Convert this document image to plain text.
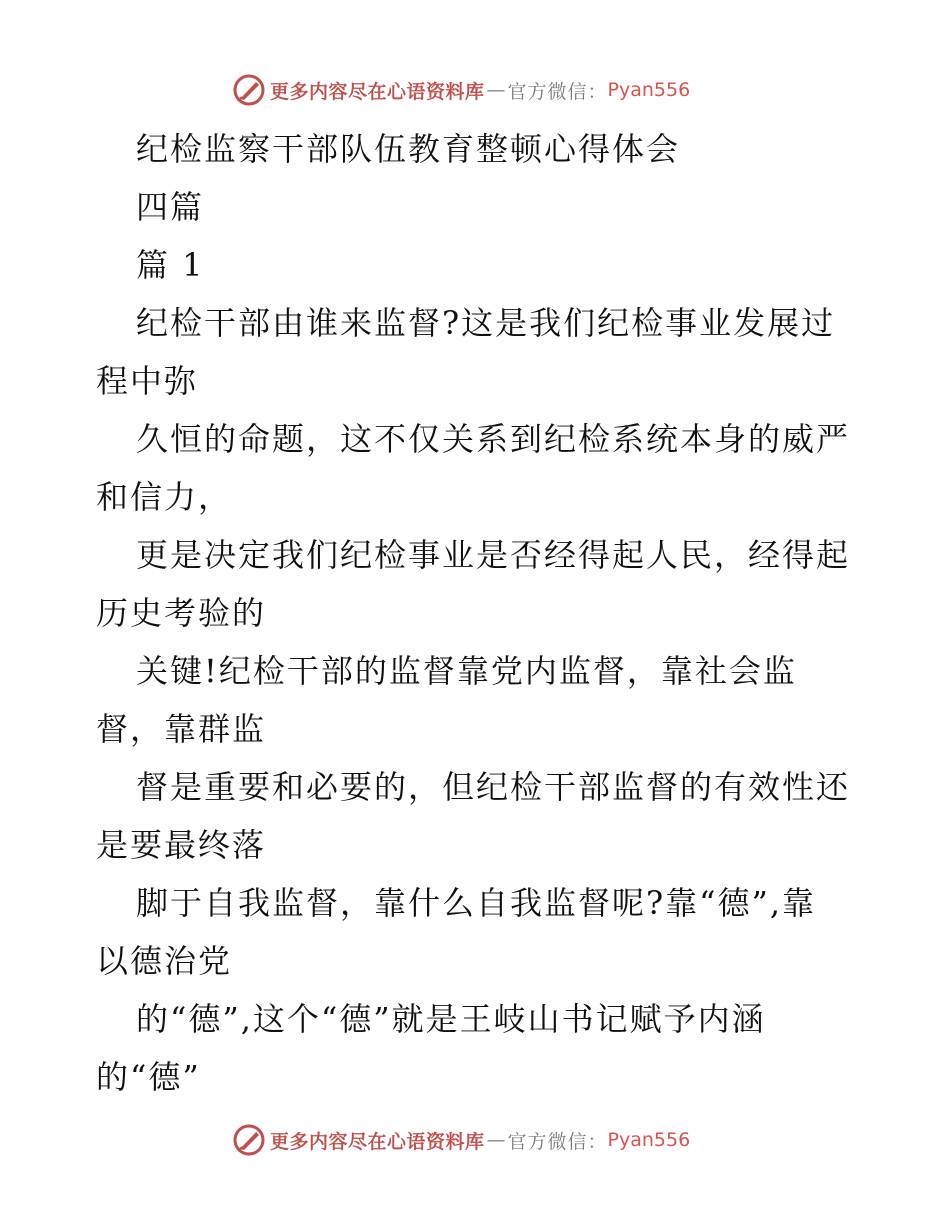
更多内容尽在心语资料库 — 官方微信： Pyan556
纪检监察干部队伍教育整顿心得体会
四篇
篇 1
纪检干部由谁来监督?这是我们纪检事业发展过
程中弥
久恒的命题，这不仅关系到纪检系统本身的威严
和信力，
更是决定我们纪检事业是否经得起人民，经得起
历史考验的
关键!纪检干部的监督靠党内监督，靠社会监
督，靠群监
督是重要和必要的，但纪检干部监督的有效性还
是要最终落
脚于自我监督，靠什么自我监督呢?靠“德”,靠
以德治党
的“德”,这个“德”就是王岐山书记赋予内涵
的“德”
更多内容尽在心语资料库 — 官方微信： Pyan556
